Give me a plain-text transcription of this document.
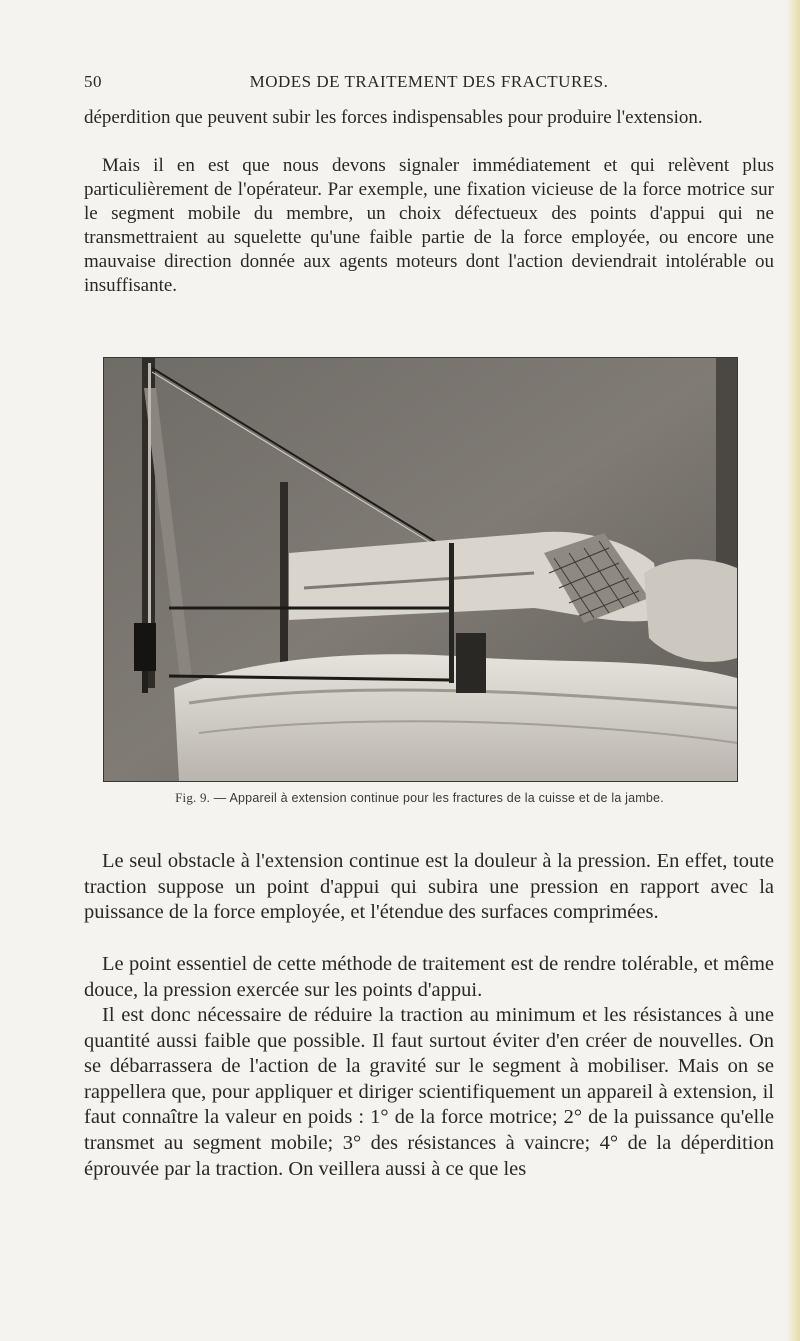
50	MODES DE TRAITEMENT DES FRACTURES.

déperdition que peuvent subir les forces indispensables pour produire l'extension.

Mais il en est que nous devons signaler immédiatement et qui relèvent plus particulièrement de l'opérateur. Par exemple, une fixation vicieuse de la force motrice sur le segment mobile du membre, un choix défectueux des points d'appui qui ne transmettraient au squelette qu'une faible partie de la force employée, ou encore une mauvaise direction donnée aux agents moteurs dont l'action deviendrait intolérable ou insuffisante.

Fig. 9. — Appareil à extension continue pour les fractures de la cuisse et de la jambe.

Le seul obstacle à l'extension continue est la douleur à la pression. En effet, toute traction suppose un point d'appui qui subira une pression en rapport avec la puissance de la force employée, et l'étendue des surfaces comprimées.

Le point essentiel de cette méthode de traitement est de rendre tolérable, et même douce, la pression exercée sur les points d'appui.

Il est donc nécessaire de réduire la traction au minimum et les résistances à une quantité aussi faible que possible. Il faut surtout éviter d'en créer de nouvelles. On se débarrassera de l'action de la gravité sur le segment à mobiliser. Mais on se rappellera que, pour appliquer et diriger scientifiquement un appareil à extension, il faut connaître la valeur en poids : 1° de la force motrice; 2° de la puissance qu'elle transmet au segment mobile; 3° des résistances à vaincre; 4° de la déperdition éprouvée par la traction. On veillera aussi à ce que les
